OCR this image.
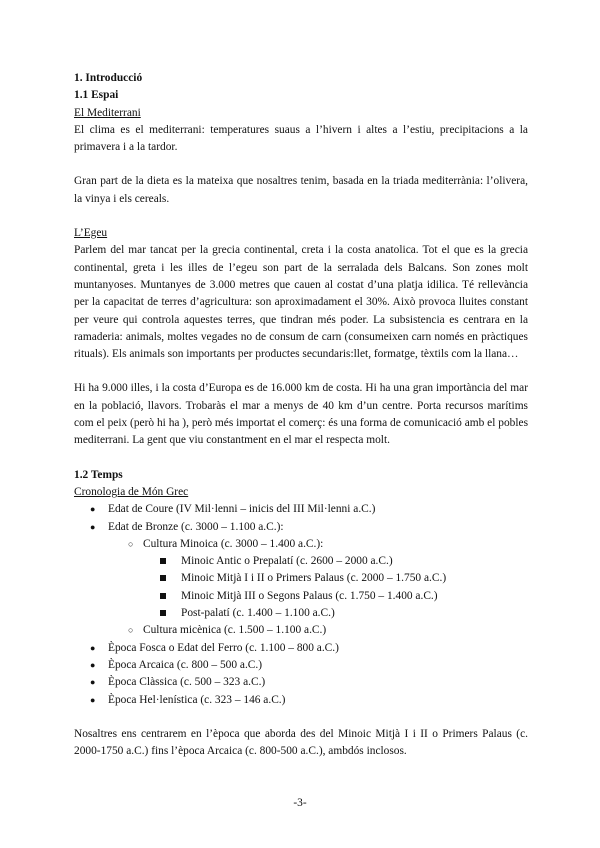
1. Introducció

1.1 Espai

El Mediterrani

El clima es el mediterrani: temperatures suaus a l’hivern i altes a l’estiu, precipitacions a la primavera i a la tardor.

Gran part de la dieta es la mateixa que nosaltres tenim, basada en la triada mediterrània: l’olivera, la vinya i els cereals.

L’Egeu

Parlem del mar tancat per la grecia continental, creta i la costa anatolica. Tot el que es la grecia continental, greta i les illes de l’egeu son part de la serralada dels Balcans. Son zones molt muntanyoses. Muntanyes de 3.000 metres que cauen al costat d’una platja idilica. Té rellevància per la capacitat de terres d’agricultura: son aproximadament el 30%. Això provoca lluites constant per veure qui controla aquestes terres, que tindran més poder. La subsistencia es centrara en la ramaderia: animals, moltes vegades no de consum de carn (consumeixen carn només en pràctiques rituals). Els animals son importants per productes secundaris:llet, formatge, tèxtils com la llana…

Hi ha 9.000 illes, i la costa d’Europa es de 16.000 km de costa. Hi ha una gran importància del mar en la població, llavors. Trobaràs el mar a menys de 40 km d’un centre. Porta recursos marítims com el peix (però hi ha ), però més importat el comerç: és una forma de comunicació amb el pobles mediterrani. La gent que viu constantment en el mar el respecta molt.

1.2 Temps

Cronologia de Món Grec

● Edat de Coure (IV Mil·lenni – inicis del III Mil·lenni a.C.)
● Edat de Bronze (c. 3000 – 1.100 a.C.):
○ Cultura Minoica (c. 3000 – 1.400 a.C.):
Minoic Antic o Prepalatí (c. 2600 – 2000 a.C.)
Minoic Mitjà I i II o Primers Palaus (c. 2000 – 1.750 a.C.)
Minoic Mitjà III o Segons Palaus (c. 1.750 – 1.400 a.C.)
Post-palatí (c. 1.400 – 1.100 a.C.)
○ Cultura micènica (c. 1.500 – 1.100 a.C.)
● Època Fosca o Edat del Ferro (c. 1.100 – 800 a.C.)
● Època Arcaica (c. 800 – 500 a.C.)
● Època Clàssica (c. 500 – 323 a.C.)
● Època Hel·lenística (c. 323 – 146 a.C.)

Nosaltres ens centrarem en l’època que aborda des del Minoic Mitjà I i II o Primers Palaus (c. 2000-1750 a.C.) fins l’època Arcaica (c. 800-500 a.C.), ambdós inclosos.

-3-
